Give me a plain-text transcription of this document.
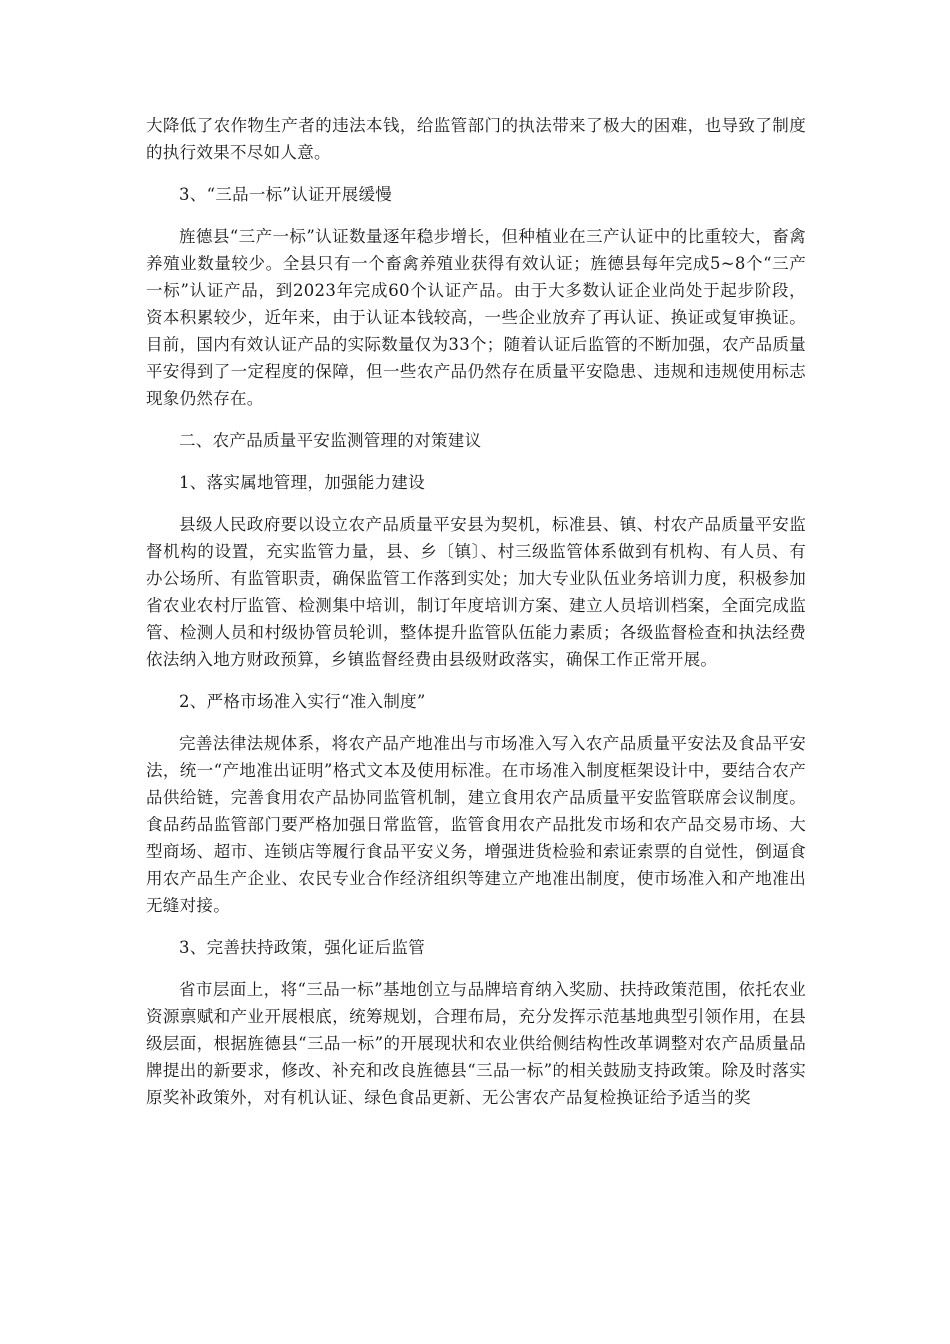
大降低了农作物生产者的违法本钱，给监管部门的执法带来了极大的困难，也导致了制度的执行效果不尽如人意。

3、“三品一标”认证开展缓慢

旌德县“三产一标”认证数量逐年稳步增长，但种植业在三产认证中的比重较大，畜禽养殖业数量较少。全县只有一个畜禽养殖业获得有效认证；旌德县每年完成5~8个“三产一标”认证产品，到2023年完成60个认证产品。由于大多数认证企业尚处于起步阶段，资本积累较少，近年来，由于认证本钱较高，一些企业放弃了再认证、换证或复审换证。目前，国内有效认证产品的实际数量仅为33个；随着认证后监管的不断加强，农产品质量平安得到了一定程度的保障，但一些农产品仍然存在质量平安隐患、违规和违规使用标志现象仍然存在。

二、农产品质量平安监测管理的对策建议

1、落实属地管理，加强能力建设

县级人民政府要以设立农产品质量平安县为契机，标准县、镇、村农产品质量平安监督机构的设置，充实监管力量，县、乡〔镇〕、村三级监管体系做到有机构、有人员、有办公场所、有监管职责，确保监管工作落到实处；加大专业队伍业务培训力度，积极参加省农业农村厅监管、检测集中培训，制订年度培训方案、建立人员培训档案，全面完成监管、检测人员和村级协管员轮训，整体提升监管队伍能力素质；各级监督检查和执法经费依法纳入地方财政预算，乡镇监督经费由县级财政落实，确保工作正常开展。

2、严格市场准入实行“准入制度”

完善法律法规体系，将农产品产地准出与市场准入写入农产品质量平安法及食品平安法，统一“产地准出证明”格式文本及使用标准。在市场准入制度框架设计中，要结合农产品供给链，完善食用农产品协同监管机制，建立食用农产品质量平安监管联席会议制度。食品药品监管部门要严格加强日常监管，监管食用农产品批发市场和农产品交易市场、大型商场、超市、连锁店等履行食品平安义务，增强进货检验和索证索票的自觉性，倒逼食用农产品生产企业、农民专业合作经济组织等建立产地准出制度，使市场准入和产地准出无缝对接。

3、完善扶持政策，强化证后监管

省市层面上，将“三品一标”基地创立与品牌培育纳入奖励、扶持政策范围，依托农业资源禀赋和产业开展根底，统筹规划，合理布局，充分发挥示范基地典型引领作用，在县级层面，根据旌德县“三品一标”的开展现状和农业供给侧结构性改革调整对农产品质量品牌提出的新要求，修改、补充和改良旌德县“三品一标”的相关鼓励支持政策。除及时落实原奖补政策外，对有机认证、绿色食品更新、无公害农产品复检换证给予适当的奖
